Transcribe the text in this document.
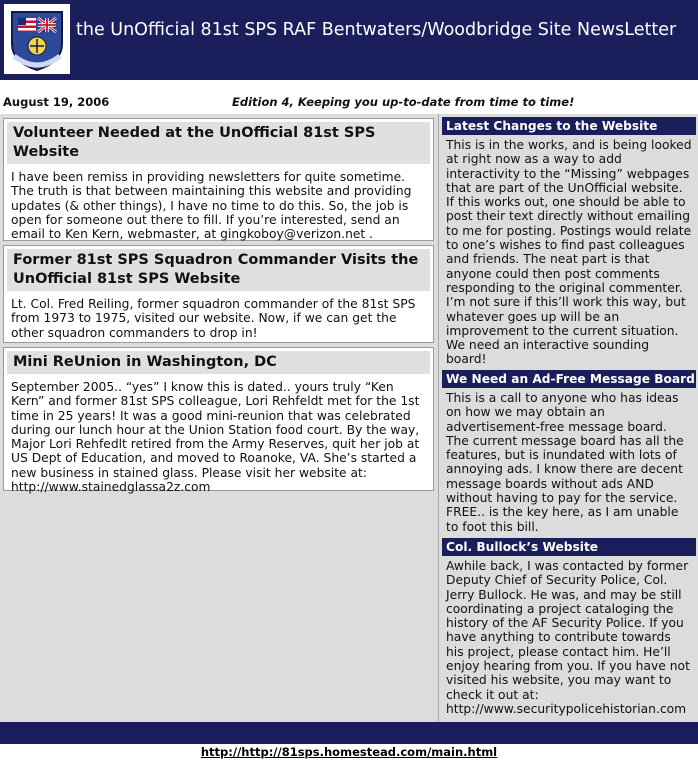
the UnOfficial 81st SPS RAF Bentwaters/Woodbridge Site NewsLetter
August 19, 2006	Edition 4, Keeping you up-to-date from time to time!
Volunteer Needed at the UnOfficial 81st SPS Website
I have been remiss in providing newsletters for quite sometime. The truth is that between maintaining this website and providing updates (& other things), I have no time to do this. So, the job is open for someone out there to fill. If you’re interested, send an email to Ken Kern, webmaster, at gingkoboy@verizon.net .
Former 81st SPS Squadron Commander Visits the UnOfficial 81st SPS Website
Lt. Col. Fred Reiling, former squadron commander of the 81st SPS from 1973 to 1975, visited our website. Now, if we can get the other squadron commanders to drop in!
Mini ReUnion in Washington, DC
September 2005.. “yes” I know this is dated.. yours truly “Ken Kern” and former 81st SPS colleague, Lori Rehfeldt met for the 1st time in 25 years! It was a good mini-reunion that was celebrated during our lunch hour at the Union Station food court. By the way, Major Lori Rehfedlt retired from the Army Reserves, quit her job at US Dept of Education, and moved to Roanoke, VA. She’s started a new business in stained glass. Please visit her website at: http://www.stainedglassa2z.com
Latest Changes to the Website
This is in the works, and is being looked at right now as a way to add interactivity to the “Missing” webpages that are part of the UnOfficial website. If this works out, one should be able to post their text directly without emailing to me for posting. Postings would relate to one’s wishes to find past colleagues and friends. The neat part is that anyone could then post comments responding to the original commenter. I’m not sure if this’ll work this way, but whatever goes up will be an improvement to the current situation. We need an interactive sounding board!
We Need an Ad-Free Message Board
This is a call to anyone who has ideas on how we may obtain an advertisement-free message board. The current message board has all the features, but is inundated with lots of annoying ads. I know there are decent message boards without ads AND without having to pay for the service. FREE.. is the key here, as I am unable to foot this bill.
Col. Bullock’s Website
Awhile back, I was contacted by former Deputy Chief of Security Police, Col. Jerry Bullock. He was, and may be still coordinating a project cataloging the history of the AF Security Police. If you have anything to contribute towards his project, please contact him. He’ll enjoy hearing from you. If you have not visited his website, you may want to check it out at: http://www.securitypolicehistorian.com
http://http://81sps.homestead.com/main.html
